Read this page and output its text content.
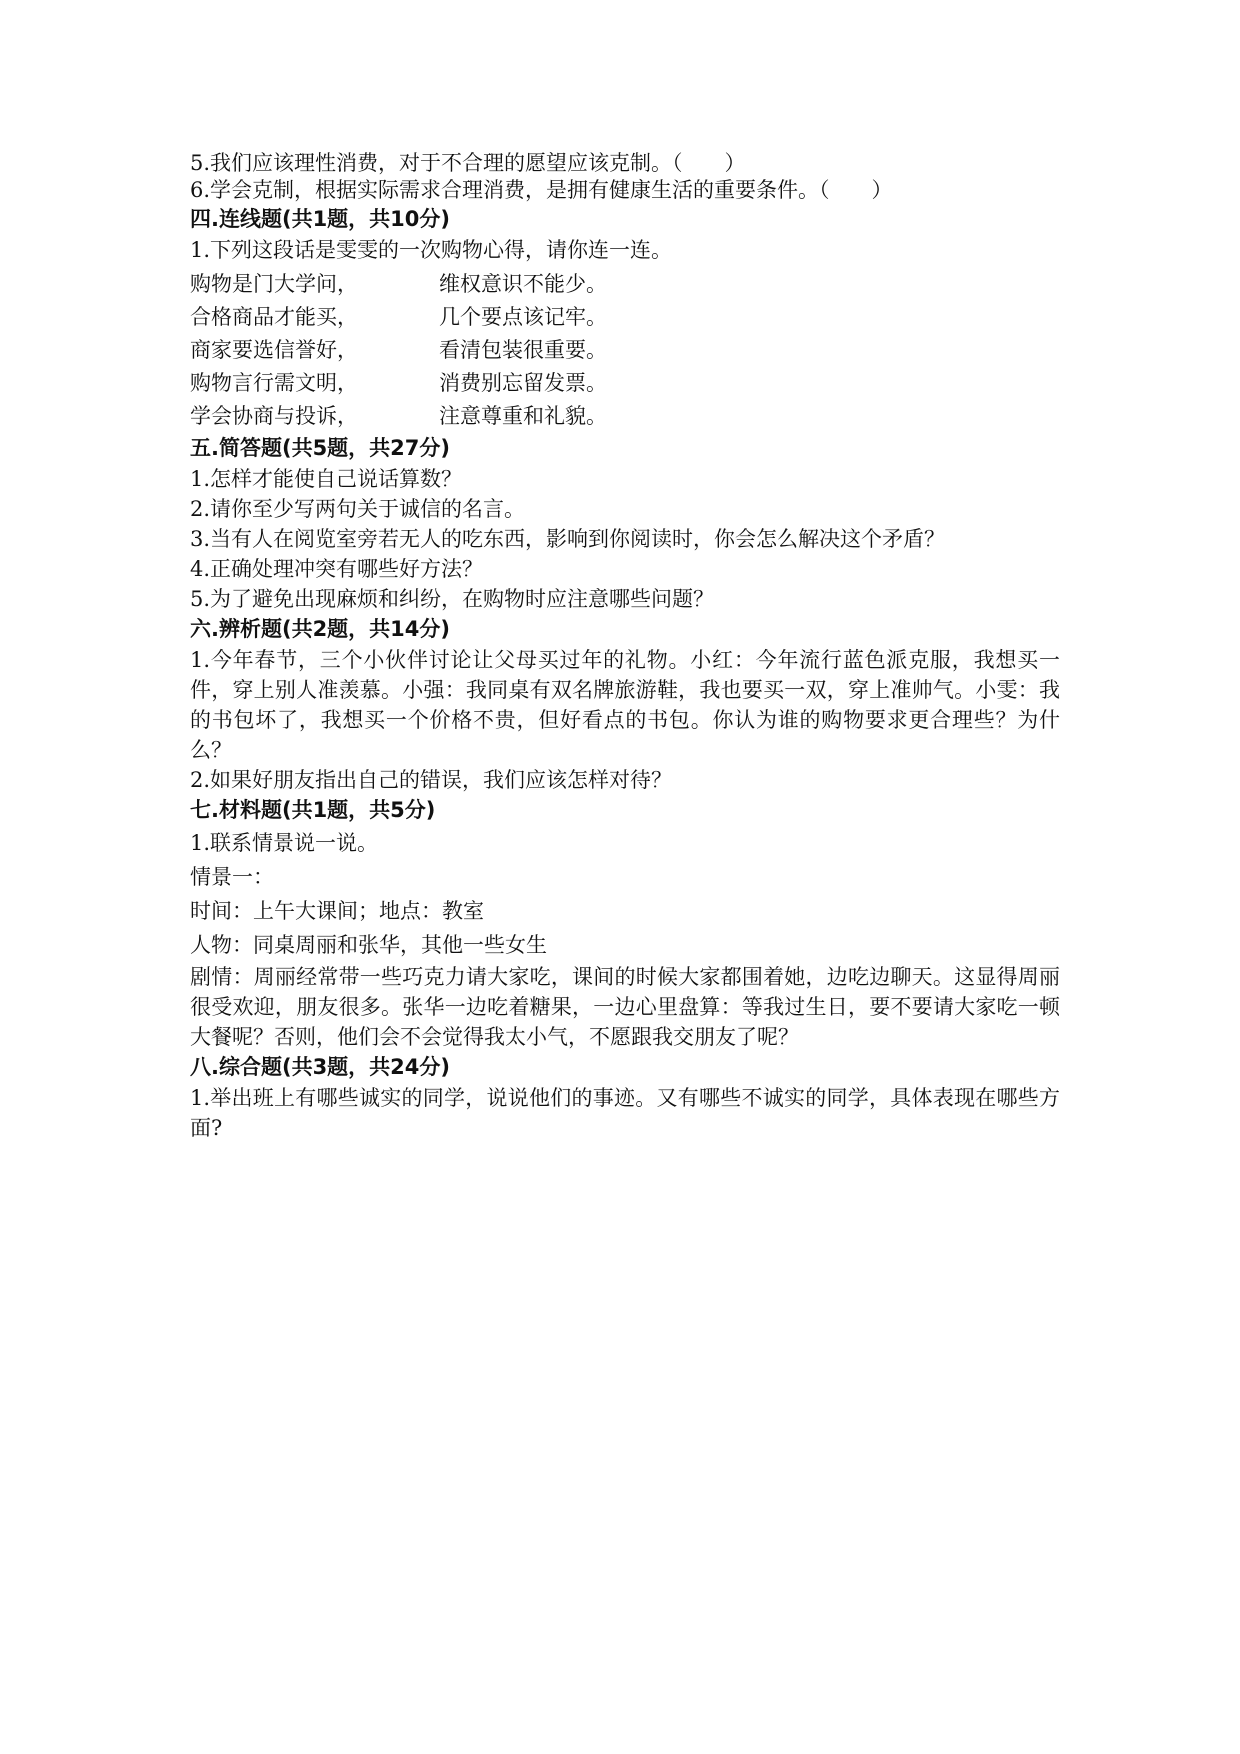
5.我们应该理性消费，对于不合理的愿望应该克制。（　　）

6.学会克制，根据实际需求合理消费，是拥有健康生活的重要条件。（　　）

四.连线题(共1题，共10分)

1.下列这段话是雯雯的一次购物心得，请你连一连。

购物是门大学问，	维权意识不能少。
合格商品才能买，	几个要点该记牢。
商家要选信誉好，	看清包装很重要。
购物言行需文明，	消费别忘留发票。
学会协商与投诉，	注意尊重和礼貌。

五.简答题(共5题，共27分)

1.怎样才能使自己说话算数？

2.请你至少写两句关于诚信的名言。

3.当有人在阅览室旁若无人的吃东西，影响到你阅读时，你会怎么解决这个矛盾？

4.正确处理冲突有哪些好方法？

5.为了避免出现麻烦和纠纷，在购物时应注意哪些问题？

六.辨析题(共2题，共14分)

1.今年春节，三个小伙伴讨论让父母买过年的礼物。小红：今年流行蓝色派克服，我想买一件，穿上别人准羡慕。小强：我同桌有双名牌旅游鞋，我也要买一双，穿上准帅气。小雯：我的书包坏了，我想买一个价格不贵，但好看点的书包。你认为谁的购物要求更合理些？为什么？

2.如果好朋友指出自己的错误，我们应该怎样对待？

七.材料题(共1题，共5分)

1.联系情景说一说。

情景一：

时间：上午大课间；地点：教室

人物：同桌周丽和张华，其他一些女生

剧情：周丽经常带一些巧克力请大家吃，课间的时候大家都围着她，边吃边聊天。这显得周丽很受欢迎，朋友很多。张华一边吃着糖果，一边心里盘算：等我过生日，要不要请大家吃一顿大餐呢？否则，他们会不会觉得我太小气，不愿跟我交朋友了呢？

八.综合题(共3题，共24分)

1.举出班上有哪些诚实的同学，说说他们的事迹。又有哪些不诚实的同学，具体表现在哪些方面?
